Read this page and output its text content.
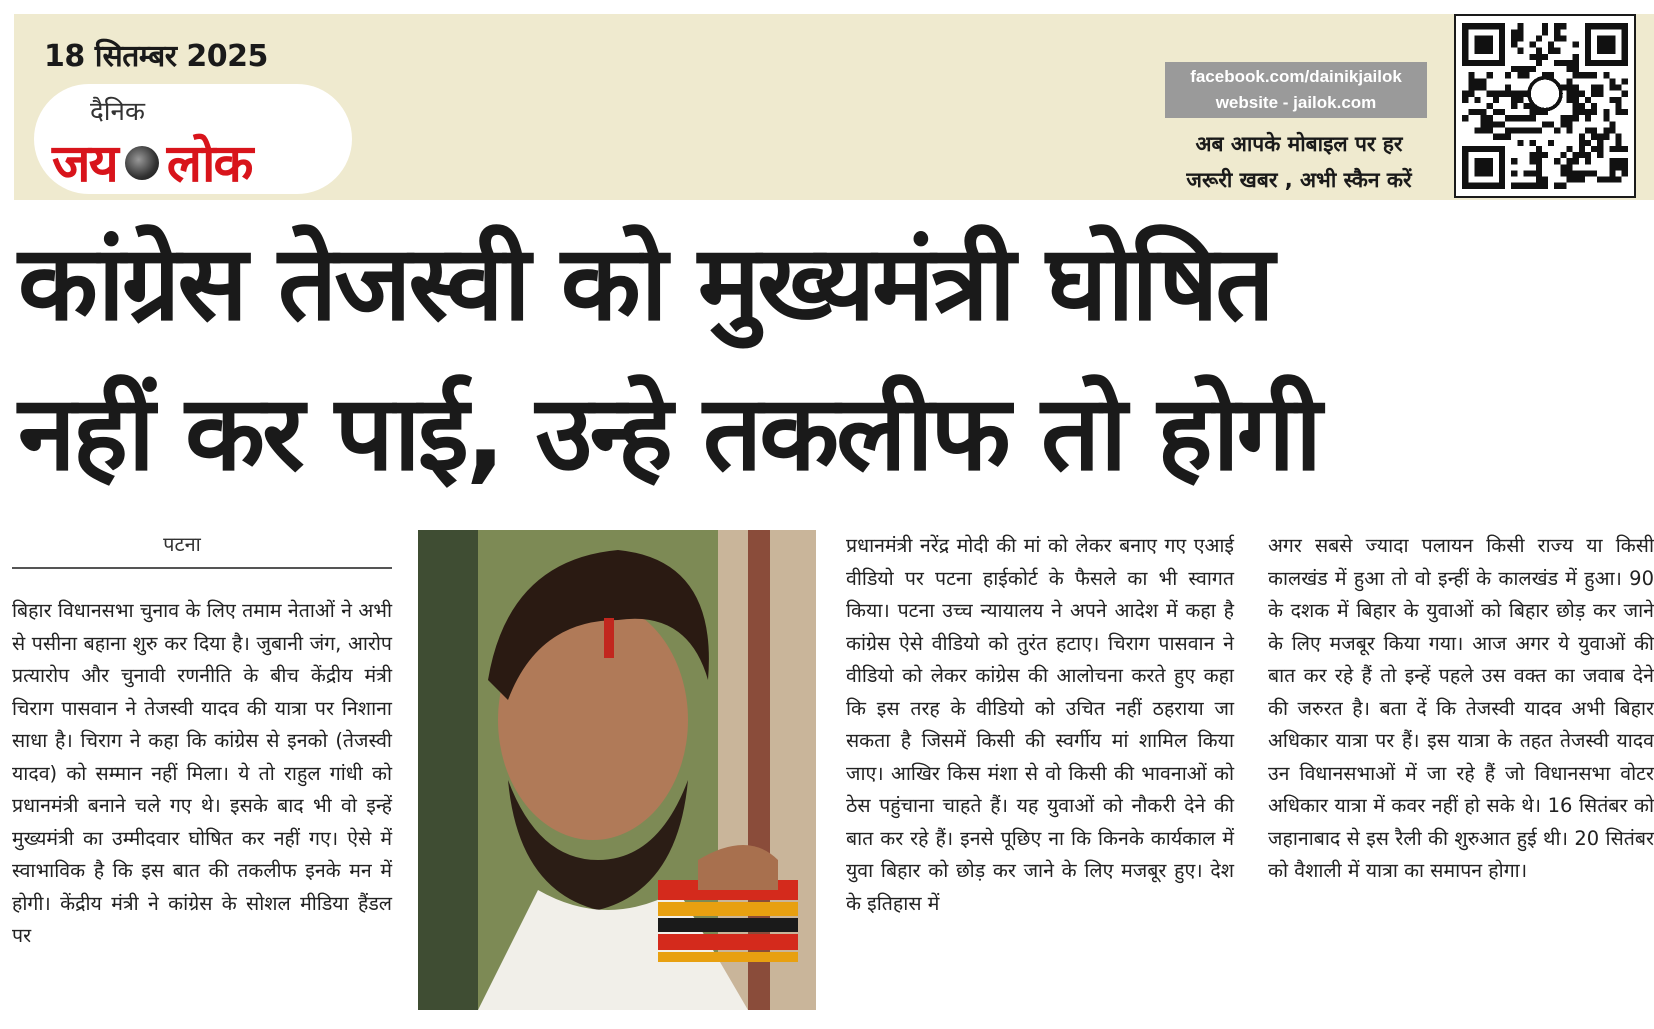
18 सितम्बर 2025
दैनिक
जय लोक
facebook.com/dainikjailok
website - jailok.com
अब आपके मोबाइल पर हर
जरूरी खबर , अभी स्कैन करें
कांग्रेस तेजस्वी को मुख्यमंत्री घोषित
नहीं कर पाई, उन्हे तकलीफ तो होगी
पटना
बिहार विधानसभा चुनाव के लिए तमाम नेताओं ने अभी से पसीना बहाना शुरु कर दिया है। जुबानी जंग, आरोप प्रत्यारोप और चुनावी रणनीति के बीच केंद्रीय मंत्री चिराग पासवान ने तेजस्वी यादव की यात्रा पर निशाना साधा है। चिराग ने कहा कि कांग्रेस से इनको (तेजस्वी यादव) को सम्मान नहीं मिला। ये तो राहुल गांधी को प्रधानमंत्री बनाने चले गए थे। इसके बाद भी वो इन्हें मुख्यमंत्री का उम्मीदवार घोषित कर नहीं गए। ऐसे में स्वाभाविक है कि इस बात की तकलीफ इनके मन में होगी। केंद्रीय मंत्री ने कांग्रेस के सोशल मीडिया हैंडल पर
प्रधानमंत्री नरेंद्र मोदी की मां को लेकर बनाए गए एआई वीडियो पर पटना हाईकोर्ट के फैसले का भी स्वागत किया। पटना उच्च न्यायालय ने अपने आदेश में कहा है कांग्रेस ऐसे वीडियो को तुरंत हटाए। चिराग पासवान ने वीडियो को लेकर कांग्रेस की आलोचना करते हुए कहा कि इस तरह के वीडियो को उचित नहीं ठहराया जा सकता है जिसमें किसी की स्वर्गीय मां शामिल किया जाए। आखिर किस मंशा से वो किसी की भावनाओं को ठेस पहुंचाना चाहते हैं। यह युवाओं को नौकरी देने की बात कर रहे हैं। इनसे पूछिए ना कि किनके कार्यकाल में युवा बिहार को छोड़ कर जाने के लिए मजबूर हुए। देश के इतिहास में
अगर सबसे ज्यादा पलायन किसी राज्य या किसी कालखंड में हुआ तो वो इन्हीं के कालखंड में हुआ। 90 के दशक में बिहार के युवाओं को बिहार छोड़ कर जाने के लिए मजबूर किया गया। आज अगर ये युवाओं की बात कर रहे हैं तो इन्हें पहले उस वक्त का जवाब देने की जरुरत है। बता दें कि तेजस्वी यादव अभी बिहार अधिकार यात्रा पर हैं। इस यात्रा के तहत तेजस्वी यादव उन विधानसभाओं में जा रहे हैं जो विधानसभा वोटर अधिकार यात्रा में कवर नहीं हो सके थे। 16 सितंबर को जहानाबाद से इस रैली की शुरुआत हुई थी। 20 सितंबर को वैशाली में यात्रा का समापन होगा।
